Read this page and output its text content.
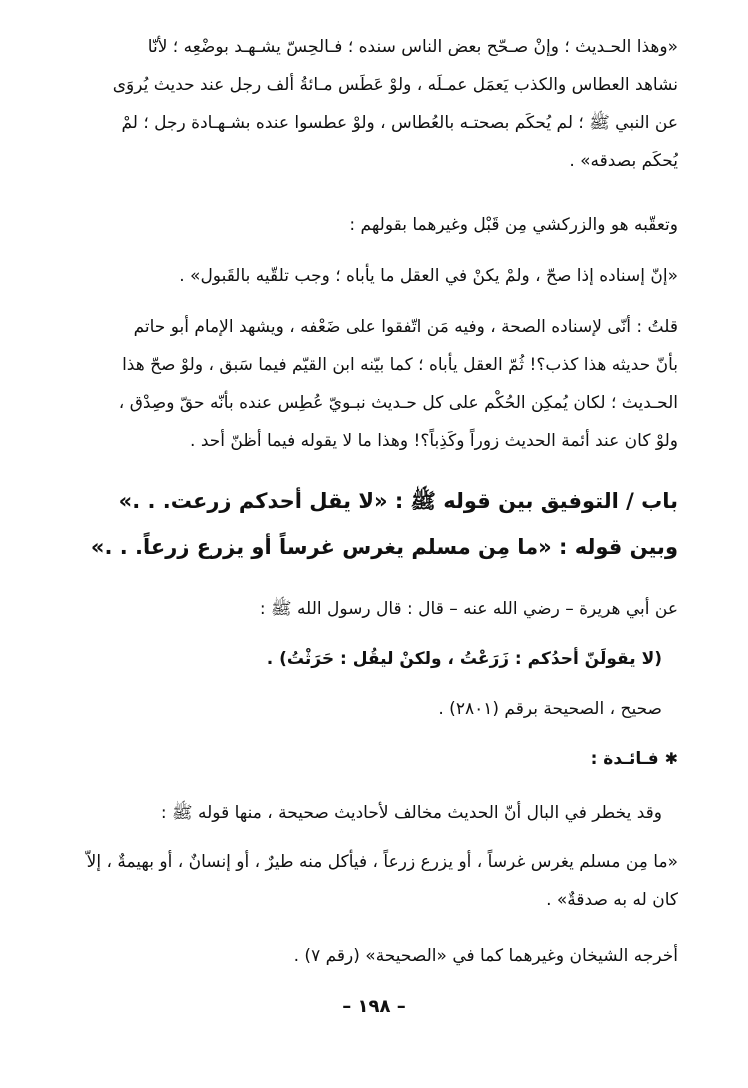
«وهذا الحـديث ؛ وإنْ صـحّح بعض الناس سنده ؛ فـالحِسّ يشـهـد بوضْعِه ؛ لأنّا
نشاهد العطاس والكذب يَعمَل عمـلَه ، ولوْ عَطَس مـائةُ ألف رجل عند حديث يُروَى
عن النبي ﷺ ؛ لم يُحكَم بصحتـه بالعُطاس ، ولوْ عطسوا عنده بشـهـادة رجل ؛ لمْ
يُحكَم بصدقه» .
وتعقّبه هو والزركشي مِن قَبْل وغيرهما بقولهم :
«إنّ إسناده إذا صحّ ، ولمْ يكنْ في العقل ما يأباه ؛ وجب تلقّيه بالقَبول» .
قلتُ : أنّى لإسناده الصحة ، وفيه مَن اتّفقوا على ضَعْفه ، ويشهد الإمام أبو حاتم
بأنّ حديثه هذا كذب؟! ثُمّ العقل يأباه ؛ كما بيّنه ابن القيّم فيما سَبق ، ولوْ صحّ هذا
الحـديث ؛ لكان يُمكِن الحُكْم على كل حـديث نبـويّ عُطِس عنده بأنّه حقّ وصِدْق ،
ولوْ كان عند أئمة الحديث زوراً وكَذِباً؟! وهذا ما لا يقوله فيما أظنّ أحد .
باب / التوفيق بين قوله ﷺ : «لا يقل أحدكم زرعت. . .»
وبين قوله : «ما مِن مسلم يغرس غرساً أو يزرع زرعاً. . .»
عن أبي هريرة – رضي الله عنه – قال : قال رسول الله ﷺ :
(لا يقولَنّ أحدُكم : زَرَعْتُ ، ولكنْ ليقُل : حَرَثْتُ) .
صحيح ، الصحيحة برقم (٢٨٠١) .
✱ فـائـدة :
وقد يخطر في البال أنّ الحديث مخالف لأحاديث صحيحة ، منها قوله ﷺ :
«ما مِن مسلم يغرس غرساً ، أو يزرع زرعاً ، فيأكل منه طيرٌ ، أو إنسانٌ ، أو بهيمةٌ ، إلاّ
كان له به صدقةٌ» .
أخرجه الشيخان وغيرهما كما في «الصحيحة» (رقم ٧) .
– ١٩٨ –
